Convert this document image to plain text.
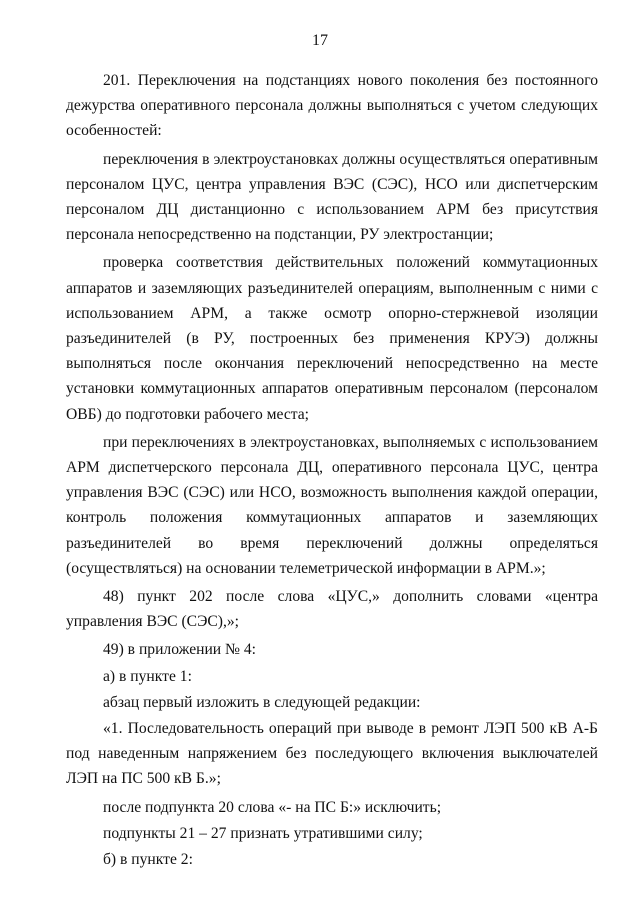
17

201. Переключения на подстанциях нового поколения без постоянного дежурства оперативного персонала должны выполняться с учетом следующих особенностей:

переключения в электроустановках должны осуществляться оперативным персоналом ЦУС, центра управления ВЭС (СЭС), НСО или диспетчерским персоналом ДЦ дистанционно с использованием АРМ без присутствия персонала непосредственно на подстанции, РУ электростанции;

проверка соответствия действительных положений коммутационных аппаратов и заземляющих разъединителей операциям, выполненным с ними с использованием АРМ, а также осмотр опорно-стержневой изоляции разъединителей (в РУ, построенных без применения КРУЭ) должны выполняться после окончания переключений непосредственно на месте установки коммутационных аппаратов оперативным персоналом (персоналом ОВБ) до подготовки рабочего места;

при переключениях в электроустановках, выполняемых с использованием АРМ диспетчерского персонала ДЦ, оперативного персонала ЦУС, центра управления ВЭС (СЭС) или НСО, возможность выполнения каждой операции, контроль положения коммутационных аппаратов и заземляющих разъединителей во время переключений должны определяться (осуществляться) на основании телеметрической информации в АРМ.»;

48) пункт 202 после слова «ЦУС,» дополнить словами «центра управления ВЭС (СЭС),»;

49) в приложении № 4:

а) в пункте 1:

абзац первый изложить в следующей редакции:

«1. Последовательность операций при выводе в ремонт ЛЭП 500 кВ А-Б под наведенным напряжением без последующего включения выключателей ЛЭП на ПС 500 кВ Б.»;

после подпункта 20 слова «- на ПС Б:» исключить;

подпункты 21 – 27 признать утратившими силу;

б) в пункте 2:
